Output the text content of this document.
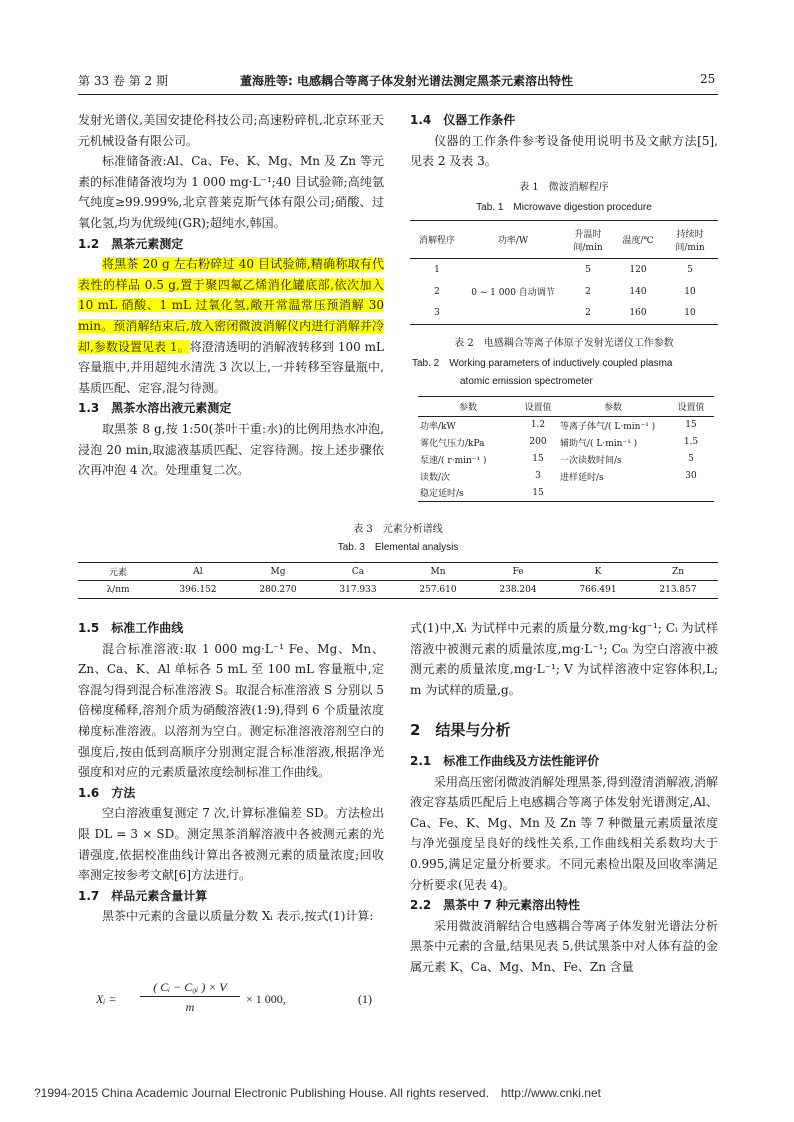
第 33 卷 第 2 期	董海胜等: 电感耦合等离子体发射光谱法测定黑茶元素溶出特性	25

发射光谱仪,美国安捷伦科技公司;高速粉碎机,北京环亚天元机械设备有限公司。

标准储备液:Al、Ca、Fe、K、Mg、Mn 及 Zn 等元素的标准储备液均为 1 000 mg·L⁻¹;40 目试验筛;高纯氩气纯度≥99.999%,北京普莱克斯气体有限公司;硝酸、过氧化氢,均为优级纯(GR);超纯水,韩国。

1.2　黑茶元素测定

将黑茶 20 g 左右粉碎过 40 目试验筛,精确称取有代表性的样品 0.5 g,置于聚四氟乙烯消化罐底部,依次加入 10 mL 硝酸、1 mL 过氧化氢,敞开常温常压预消解 30 min。预消解结束后,放入密闭微波消解仪内进行消解并冷却,参数设置见表 1。将澄清透明的消解液转移到 100 mL 容量瓶中,并用超纯水清洗 3 次以上,一并转移至容量瓶中,基质匹配、定容,混匀待测。

1.3　黑茶水溶出液元素测定

取黑茶 8 g,按 1:50(茶叶干重:水)的比例用热水冲泡,浸泡 20 min,取滤液基质匹配、定容待测。按上述步骤依次再冲泡 4 次。处理重复二次。

1.4　仪器工作条件

仪器的工作条件参考设备使用说明书及文献方法[5],见表 2 及表 3。

表 1　微波消解程序
Tab. 1　Microwave digestion procedure
消解程序	功率/W	升温时间/min	温度/℃	持续时间/min
1	0 ~ 1 000 自动调节	5	120	5
2		2	140	10
3		2	160	10
表 2　电感耦合等离子体原子发射光谱仪工作参数
Tab. 2　Working parameters of inductively coupled plasma
atomic emission spectrometer
参数	设置值	参数	设置值
功率/kW	1.2	等离子体气/( L·min⁻¹ )	15
雾化气压力/kPa	200	辅助气/( L·min⁻¹ )	1.5
泵速/( r·min⁻¹ )	15	一次读数时间/s	5
读数/次	3	进样延时/s	30
稳定延时/s	15		
表 3　元素分析谱线
Tab. 3　Elemental analysis
元素	Al	Mg	Ca	Mn	Fe	K	Zn
λ/nm	396.152	280.270	317.933	257.610	238.204	766.491	213.857
1.5　标准工作曲线

混合标准溶液:取 1 000 mg·L⁻¹ Fe、Mg、Mn、Zn、Ca、K、Al 单标各 5 mL 至 100 mL 容量瓶中,定容混匀得到混合标准溶液 S。取混合标准溶液 S 分别以 5 倍梯度稀释,溶剂介质为硝酸溶液(1:9),得到 6 个质量浓度梯度标准溶液。以溶剂为空白。测定标准溶液溶剂空白的强度后,按由低到高顺序分别测定混合标准溶液,根据净光强度和对应的元素质量浓度绘制标准工作曲线。

1.6　方法

空白溶液重复测定 7 次,计算标准偏差 SD。方法检出限 DL = 3 × SD。测定黑茶消解溶液中各被测元素的光谱强度,依据校准曲线计算出各被测元素的质量浓度;回收率测定按参考文献[6]方法进行。

1.7　样品元素含量计算

黑茶中元素的含量以质量分数 Xᵢ 表示,按式(1)计算:

Xᵢ =
( Cᵢ − C₀ᵢ ) × V
m
× 1 000,	(1)

式(1)中,Xᵢ 为试样中元素的质量分数,mg·kg⁻¹; Cᵢ 为试样溶液中被测元素的质量浓度,mg·L⁻¹; C₀ᵢ 为空白溶液中被测元素的质量浓度,mg·L⁻¹; V 为试样溶液中定容体积,L; m 为试样的质量,g。

2　结果与分析
2.1　标准工作曲线及方法性能评价

采用高压密闭微波消解处理黑茶,得到澄清消解液,消解液定容基质匹配后上电感耦合等离子体发射光谱测定,Al、Ca、Fe、K、Mg、Mn 及 Zn 等 7 种微量元素质量浓度与净光强度呈良好的线性关系,工作曲线相关系数均大于 0.995,满足定量分析要求。不同元素检出限及回收率满足分析要求(见表 4)。

2.2　黑茶中 7 种元素溶出特性

采用微波消解结合电感耦合等离子体发射光谱法分析黑茶中元素的含量,结果见表 5,供试黑茶中对人体有益的金属元素 K、Ca、Mg、Mn、Fe、Zn 含量

?1994-2015 China Academic Journal Electronic Publishing House. All rights reserved.　http://www.cnki.net
